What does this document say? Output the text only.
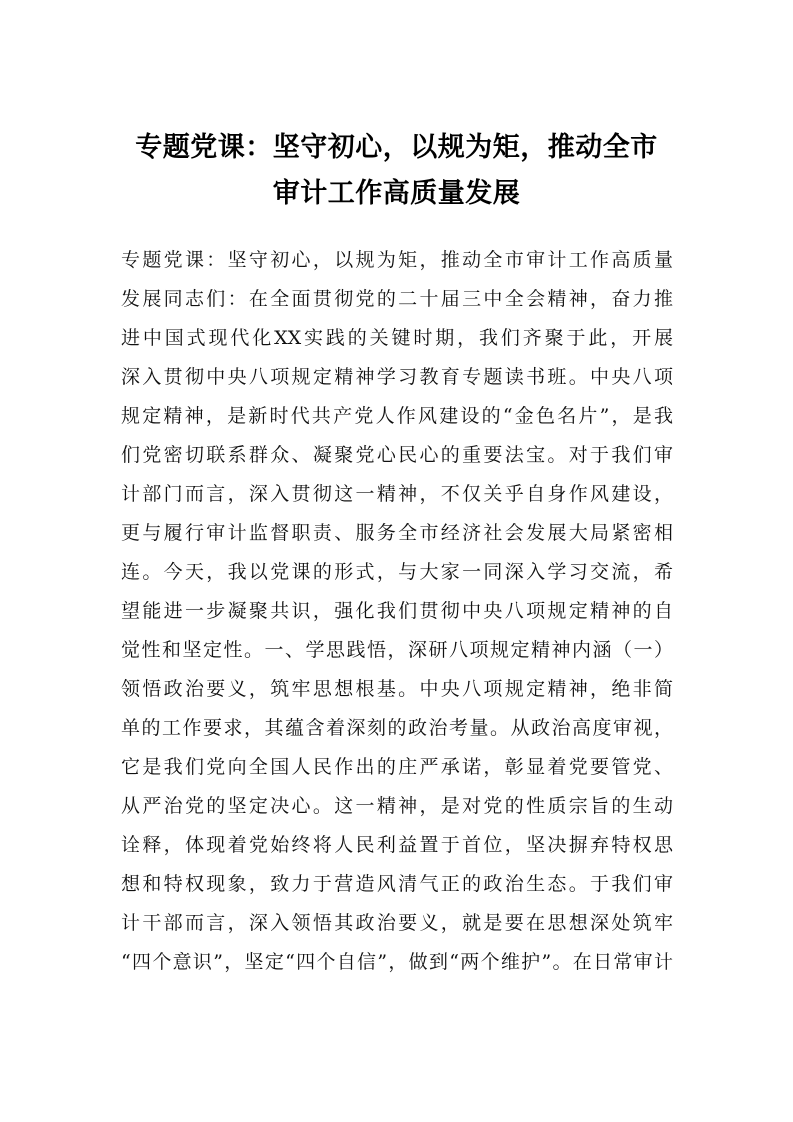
专题党课：坚守初心，以规为矩，推动全市
审计工作高质量发展

专题党课：坚守初心，以规为矩，推动全市审计工作高质量

发展同志们：在全面贯彻党的二十届三中全会精神，奋力推

进中国式现代化XX实践的关键时期，我们齐聚于此，开展

深入贯彻中央八项规定精神学习教育专题读书班。中央八项

规定精神，是新时代共产党人作风建设的“金色名片”，是我

们党密切联系群众、凝聚党心民心的重要法宝。对于我们审

计部门而言，深入贯彻这一精神，不仅关乎自身作风建设，

更与履行审计监督职责、服务全市经济社会发展大局紧密相

连。今天，我以党课的形式，与大家一同深入学习交流，希

望能进一步凝聚共识，强化我们贯彻中央八项规定精神的自

觉性和坚定性。一、学思践悟，深研八项规定精神内涵（一）

领悟政治要义，筑牢思想根基。中央八项规定精神，绝非简

单的工作要求，其蕴含着深刻的政治考量。从政治高度审视，

它是我们党向全国人民作出的庄严承诺，彰显着党要管党、

从严治党的坚定决心。这一精神，是对党的性质宗旨的生动

诠释，体现着党始终将人民利益置于首位，坚决摒弃特权思

想和特权现象，致力于营造风清气正的政治生态。于我们审

计干部而言，深入领悟其政治要义，就是要在思想深处筑牢

“四个意识”，坚定“四个自信”，做到“两个维护”。在日常审计
